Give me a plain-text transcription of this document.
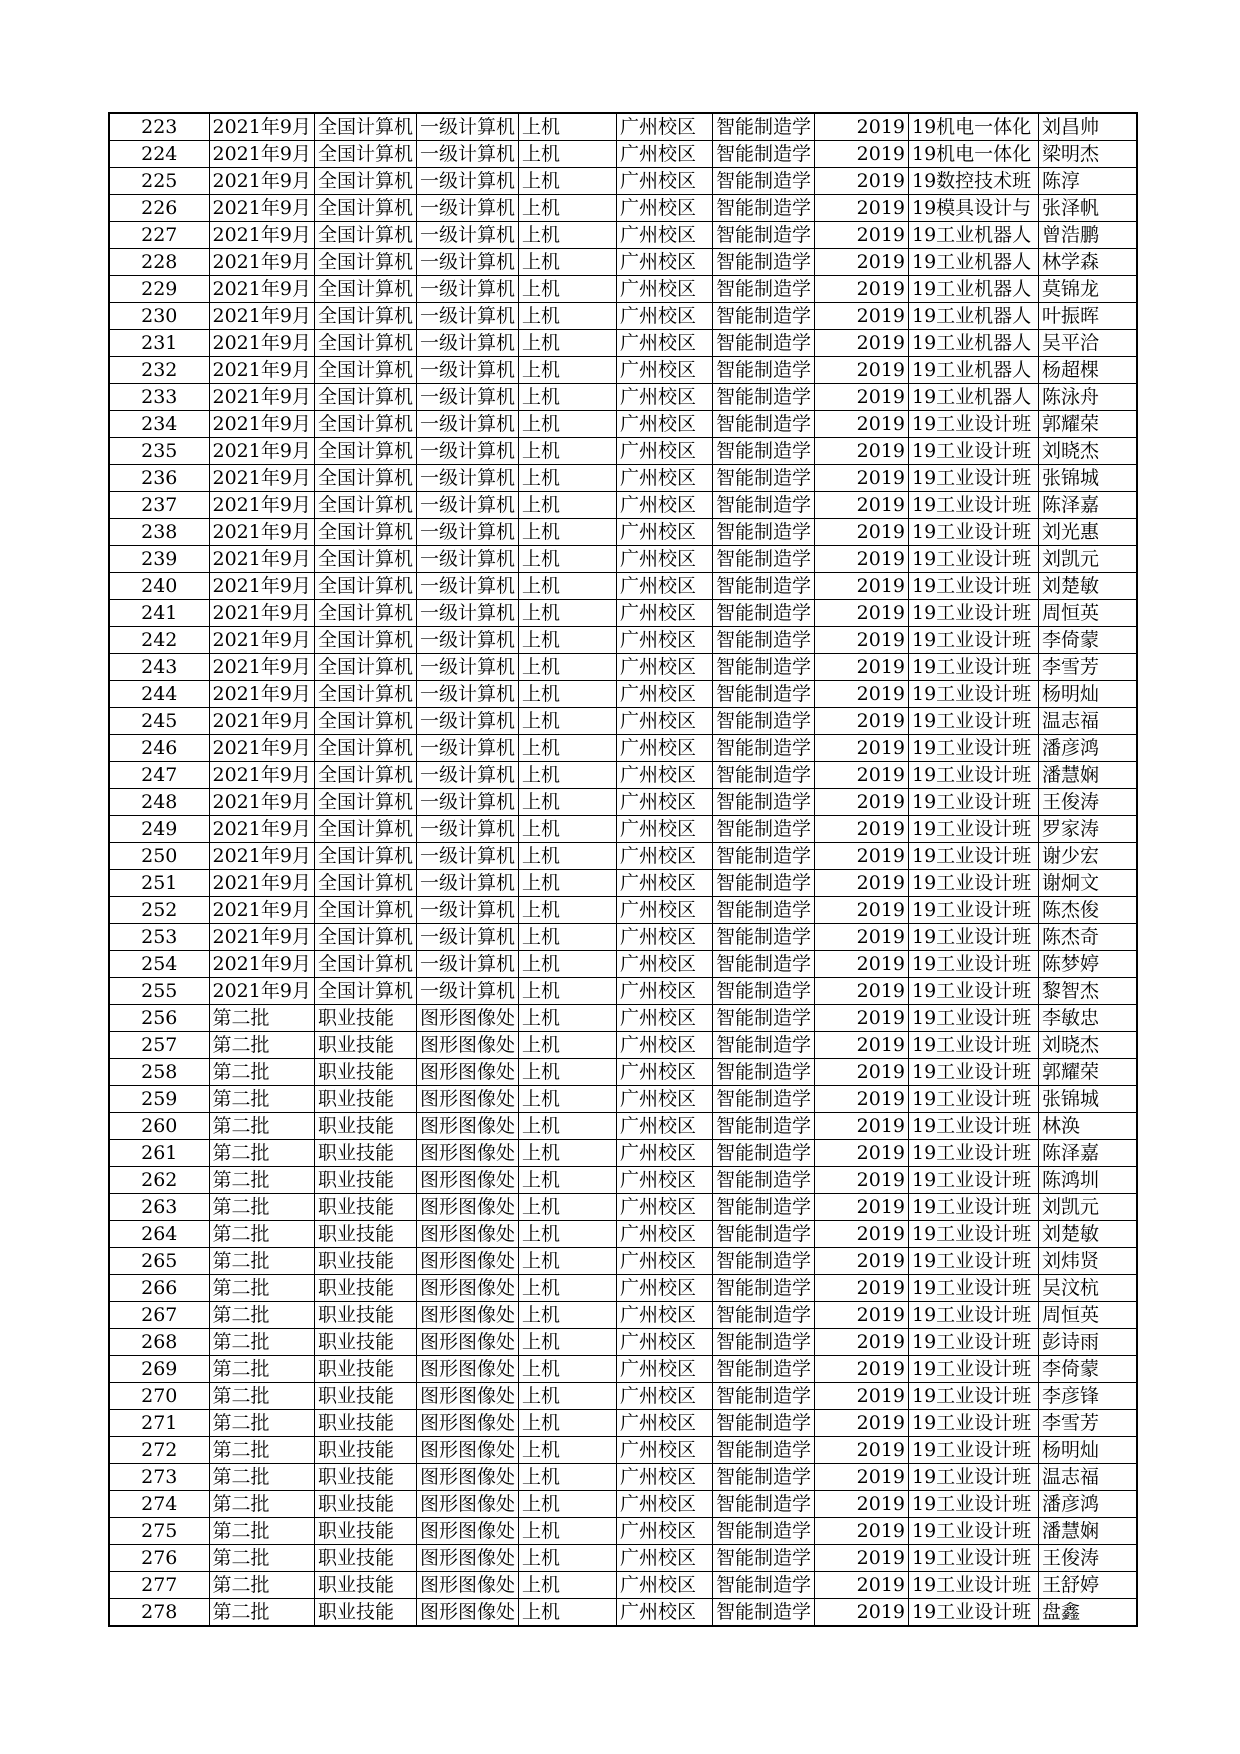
223	2021年9月	全国计算机	一级计算机	上机	广州校区	智能制造学	2019	19机电一体化	刘昌帅
224	2021年9月	全国计算机	一级计算机	上机	广州校区	智能制造学	2019	19机电一体化	梁明杰
225	2021年9月	全国计算机	一级计算机	上机	广州校区	智能制造学	2019	19数控技术班	陈淳
226	2021年9月	全国计算机	一级计算机	上机	广州校区	智能制造学	2019	19模具设计与	张泽帆
227	2021年9月	全国计算机	一级计算机	上机	广州校区	智能制造学	2019	19工业机器人	曾浩鹏
228	2021年9月	全国计算机	一级计算机	上机	广州校区	智能制造学	2019	19工业机器人	林学森
229	2021年9月	全国计算机	一级计算机	上机	广州校区	智能制造学	2019	19工业机器人	莫锦龙
230	2021年9月	全国计算机	一级计算机	上机	广州校区	智能制造学	2019	19工业机器人	叶振晖
231	2021年9月	全国计算机	一级计算机	上机	广州校区	智能制造学	2019	19工业机器人	吴平洽
232	2021年9月	全国计算机	一级计算机	上机	广州校区	智能制造学	2019	19工业机器人	杨超棵
233	2021年9月	全国计算机	一级计算机	上机	广州校区	智能制造学	2019	19工业机器人	陈泳舟
234	2021年9月	全国计算机	一级计算机	上机	广州校区	智能制造学	2019	19工业设计班	郭耀荣
235	2021年9月	全国计算机	一级计算机	上机	广州校区	智能制造学	2019	19工业设计班	刘晓杰
236	2021年9月	全国计算机	一级计算机	上机	广州校区	智能制造学	2019	19工业设计班	张锦城
237	2021年9月	全国计算机	一级计算机	上机	广州校区	智能制造学	2019	19工业设计班	陈泽嘉
238	2021年9月	全国计算机	一级计算机	上机	广州校区	智能制造学	2019	19工业设计班	刘光惠
239	2021年9月	全国计算机	一级计算机	上机	广州校区	智能制造学	2019	19工业设计班	刘凯元
240	2021年9月	全国计算机	一级计算机	上机	广州校区	智能制造学	2019	19工业设计班	刘楚敏
241	2021年9月	全国计算机	一级计算机	上机	广州校区	智能制造学	2019	19工业设计班	周恒英
242	2021年9月	全国计算机	一级计算机	上机	广州校区	智能制造学	2019	19工业设计班	李倚蒙
243	2021年9月	全国计算机	一级计算机	上机	广州校区	智能制造学	2019	19工业设计班	李雪芳
244	2021年9月	全国计算机	一级计算机	上机	广州校区	智能制造学	2019	19工业设计班	杨明灿
245	2021年9月	全国计算机	一级计算机	上机	广州校区	智能制造学	2019	19工业设计班	温志福
246	2021年9月	全国计算机	一级计算机	上机	广州校区	智能制造学	2019	19工业设计班	潘彦鸿
247	2021年9月	全国计算机	一级计算机	上机	广州校区	智能制造学	2019	19工业设计班	潘慧娴
248	2021年9月	全国计算机	一级计算机	上机	广州校区	智能制造学	2019	19工业设计班	王俊涛
249	2021年9月	全国计算机	一级计算机	上机	广州校区	智能制造学	2019	19工业设计班	罗家涛
250	2021年9月	全国计算机	一级计算机	上机	广州校区	智能制造学	2019	19工业设计班	谢少宏
251	2021年9月	全国计算机	一级计算机	上机	广州校区	智能制造学	2019	19工业设计班	谢炯文
252	2021年9月	全国计算机	一级计算机	上机	广州校区	智能制造学	2019	19工业设计班	陈杰俊
253	2021年9月	全国计算机	一级计算机	上机	广州校区	智能制造学	2019	19工业设计班	陈杰奇
254	2021年9月	全国计算机	一级计算机	上机	广州校区	智能制造学	2019	19工业设计班	陈梦婷
255	2021年9月	全国计算机	一级计算机	上机	广州校区	智能制造学	2019	19工业设计班	黎智杰
256	第二批	职业技能	图形图像处	上机	广州校区	智能制造学	2019	19工业设计班	李敏忠
257	第二批	职业技能	图形图像处	上机	广州校区	智能制造学	2019	19工业设计班	刘晓杰
258	第二批	职业技能	图形图像处	上机	广州校区	智能制造学	2019	19工业设计班	郭耀荣
259	第二批	职业技能	图形图像处	上机	广州校区	智能制造学	2019	19工业设计班	张锦城
260	第二批	职业技能	图形图像处	上机	广州校区	智能制造学	2019	19工业设计班	林涣
261	第二批	职业技能	图形图像处	上机	广州校区	智能制造学	2019	19工业设计班	陈泽嘉
262	第二批	职业技能	图形图像处	上机	广州校区	智能制造学	2019	19工业设计班	陈鸿圳
263	第二批	职业技能	图形图像处	上机	广州校区	智能制造学	2019	19工业设计班	刘凯元
264	第二批	职业技能	图形图像处	上机	广州校区	智能制造学	2019	19工业设计班	刘楚敏
265	第二批	职业技能	图形图像处	上机	广州校区	智能制造学	2019	19工业设计班	刘炜贤
266	第二批	职业技能	图形图像处	上机	广州校区	智能制造学	2019	19工业设计班	吴汶杭
267	第二批	职业技能	图形图像处	上机	广州校区	智能制造学	2019	19工业设计班	周恒英
268	第二批	职业技能	图形图像处	上机	广州校区	智能制造学	2019	19工业设计班	彭诗雨
269	第二批	职业技能	图形图像处	上机	广州校区	智能制造学	2019	19工业设计班	李倚蒙
270	第二批	职业技能	图形图像处	上机	广州校区	智能制造学	2019	19工业设计班	李彦锋
271	第二批	职业技能	图形图像处	上机	广州校区	智能制造学	2019	19工业设计班	李雪芳
272	第二批	职业技能	图形图像处	上机	广州校区	智能制造学	2019	19工业设计班	杨明灿
273	第二批	职业技能	图形图像处	上机	广州校区	智能制造学	2019	19工业设计班	温志福
274	第二批	职业技能	图形图像处	上机	广州校区	智能制造学	2019	19工业设计班	潘彦鸿
275	第二批	职业技能	图形图像处	上机	广州校区	智能制造学	2019	19工业设计班	潘慧娴
276	第二批	职业技能	图形图像处	上机	广州校区	智能制造学	2019	19工业设计班	王俊涛
277	第二批	职业技能	图形图像处	上机	广州校区	智能制造学	2019	19工业设计班	王舒婷
278	第二批	职业技能	图形图像处	上机	广州校区	智能制造学	2019	19工业设计班	盘鑫
